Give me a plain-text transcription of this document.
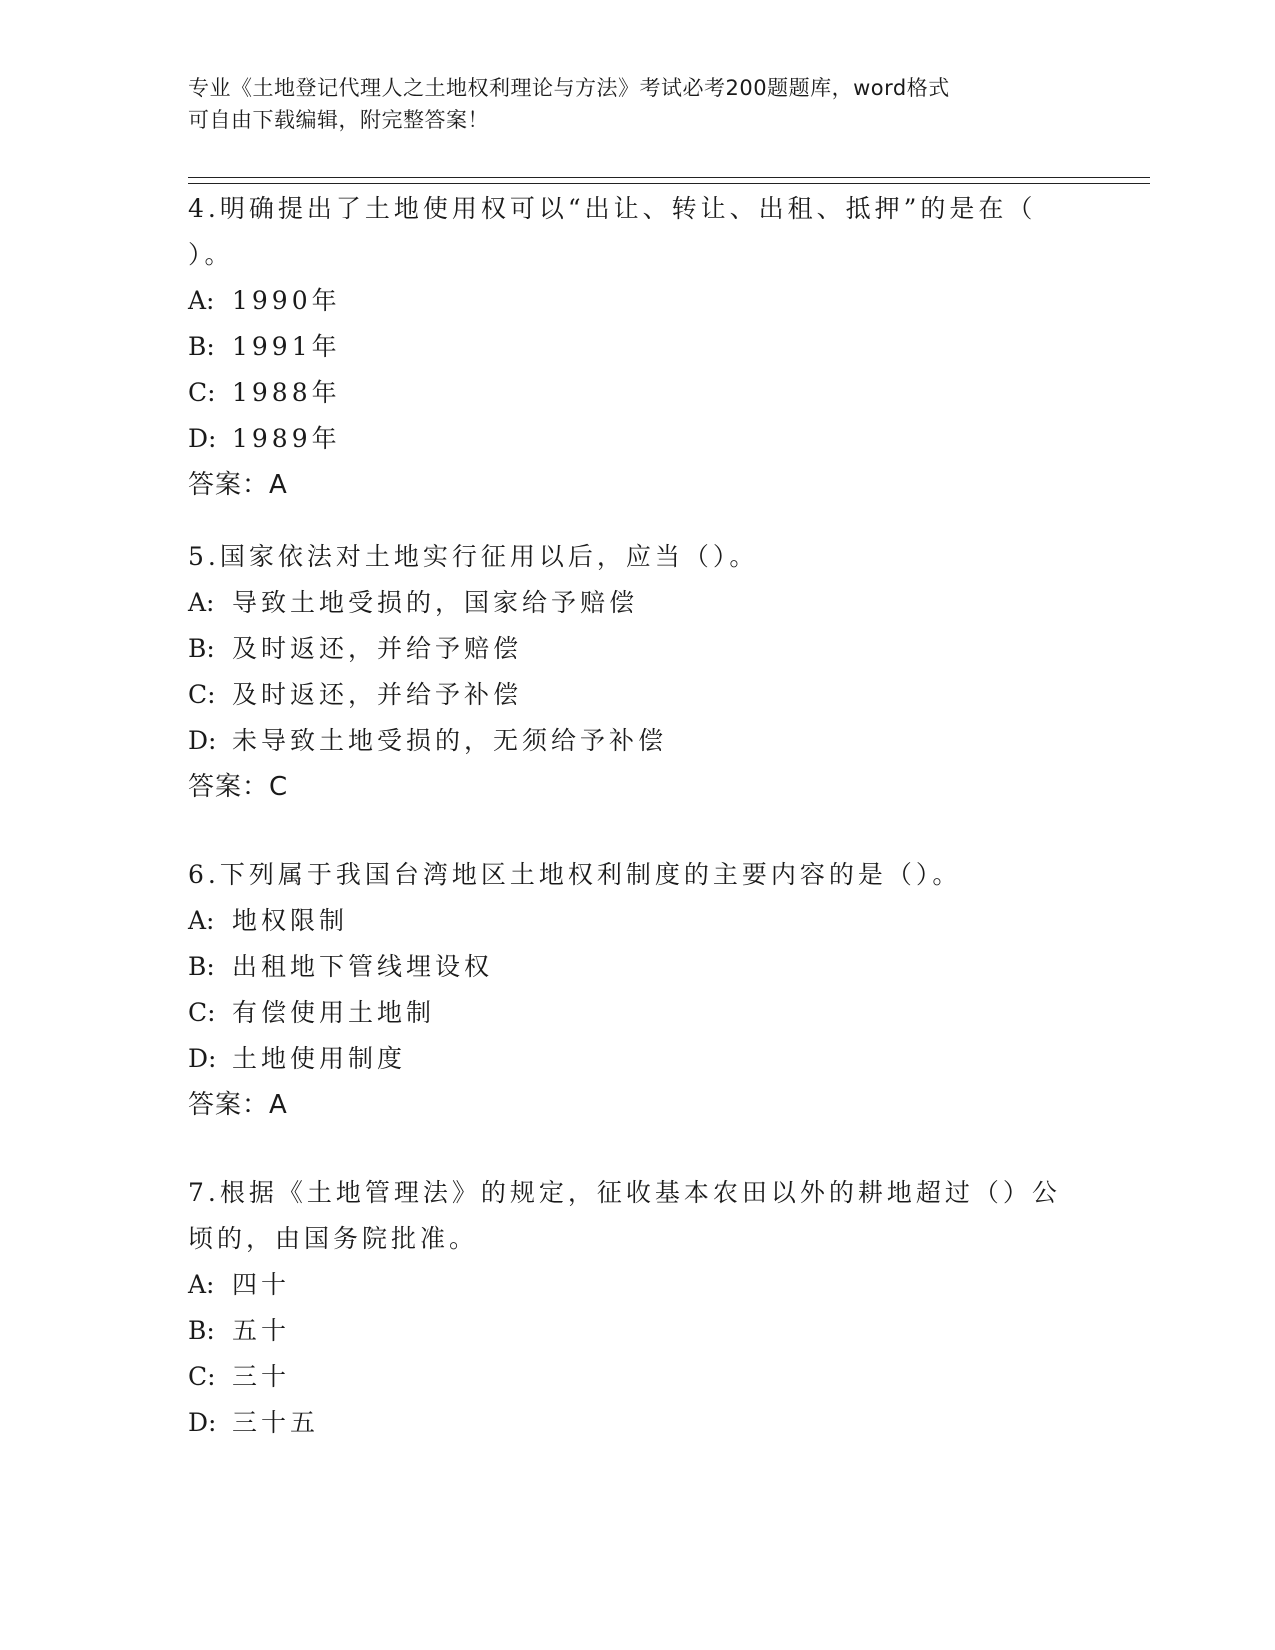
专业《土地登记代理人之土地权利理论与方法》考试必考200题题库，word格式
可自由下载编辑，附完整答案！

4.明确提出了土地使用权可以“出让、转让、出租、抵押”的是在（

）。

A: 1990年

B: 1991年

C: 1988年

D: 1989年

答案：A

5.国家依法对土地实行征用以后，应当（）。

A: 导致土地受损的，国家给予赔偿

B: 及时返还，并给予赔偿

C: 及时返还，并给予补偿

D: 未导致土地受损的，无须给予补偿

答案：C

6.下列属于我国台湾地区土地权利制度的主要内容的是（）。

A: 地权限制

B: 出租地下管线埋设权

C: 有偿使用土地制

D: 土地使用制度

答案：A

7.根据《土地管理法》的规定，征收基本农田以外的耕地超过（）公

顷的，由国务院批准。

A: 四十

B: 五十

C: 三十

D: 三十五
